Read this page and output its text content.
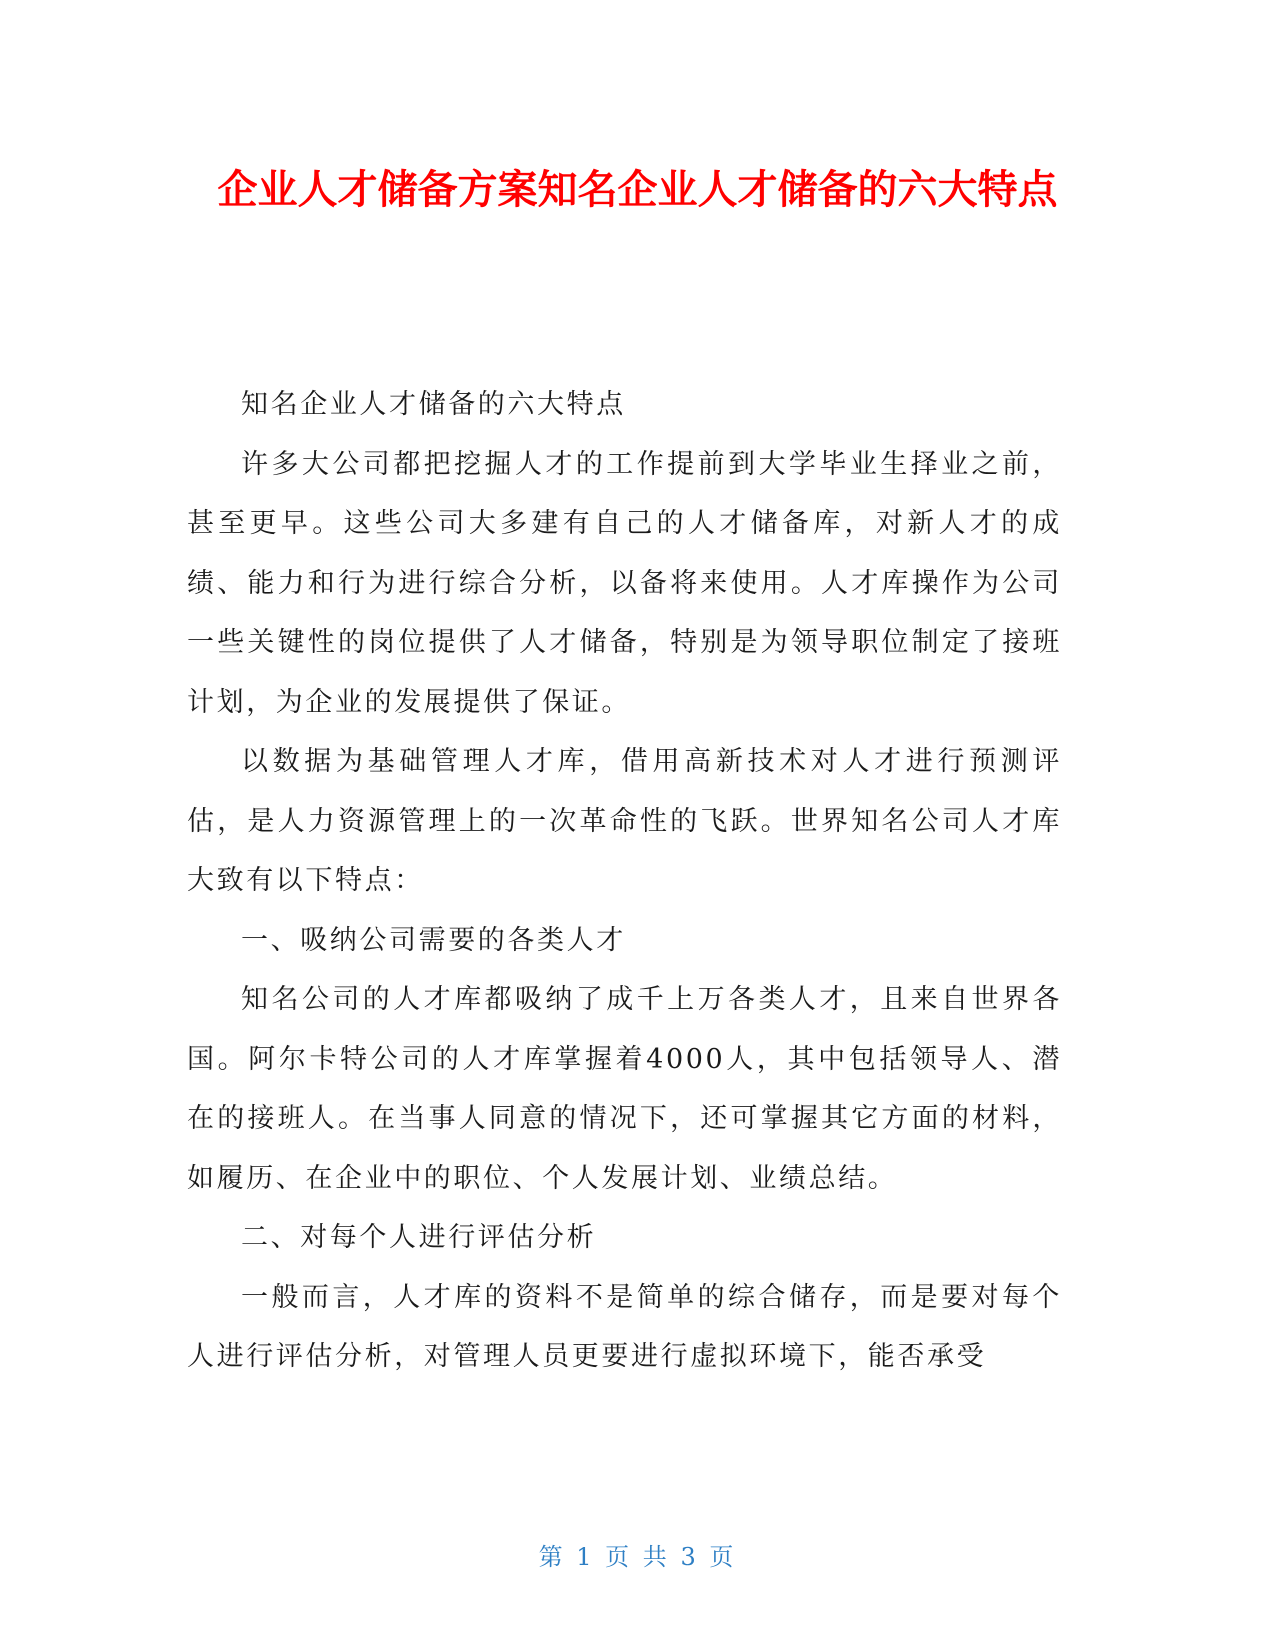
企业人才储备方案知名企业人才储备的六大特点

知名企业人才储备的六大特点

许多大公司都把挖掘人才的工作提前到大学毕业生择业之前，甚至更早。这些公司大多建有自己的人才储备库，对新人才的成绩、能力和行为进行综合分析，以备将来使用。人才库操作为公司一些关键性的岗位提供了人才储备，特别是为领导职位制定了接班计划，为企业的发展提供了保证。

以数据为基础管理人才库，借用高新技术对人才进行预测评估，是人力资源管理上的一次革命性的飞跃。世界知名公司人才库大致有以下特点：

一、吸纳公司需要的各类人才

知名公司的人才库都吸纳了成千上万各类人才，且来自世界各国。阿尔卡特公司的人才库掌握着4000人，其中包括领导人、潜在的接班人。在当事人同意的情况下，还可掌握其它方面的材料，如履历、在企业中的职位、个人发展计划、业绩总结。

二、对每个人进行评估分析

一般而言，人才库的资料不是简单的综合储存，而是要对每个人进行评估分析，对管理人员更要进行虚拟环境下，能否承受

第 1 页 共 3 页
